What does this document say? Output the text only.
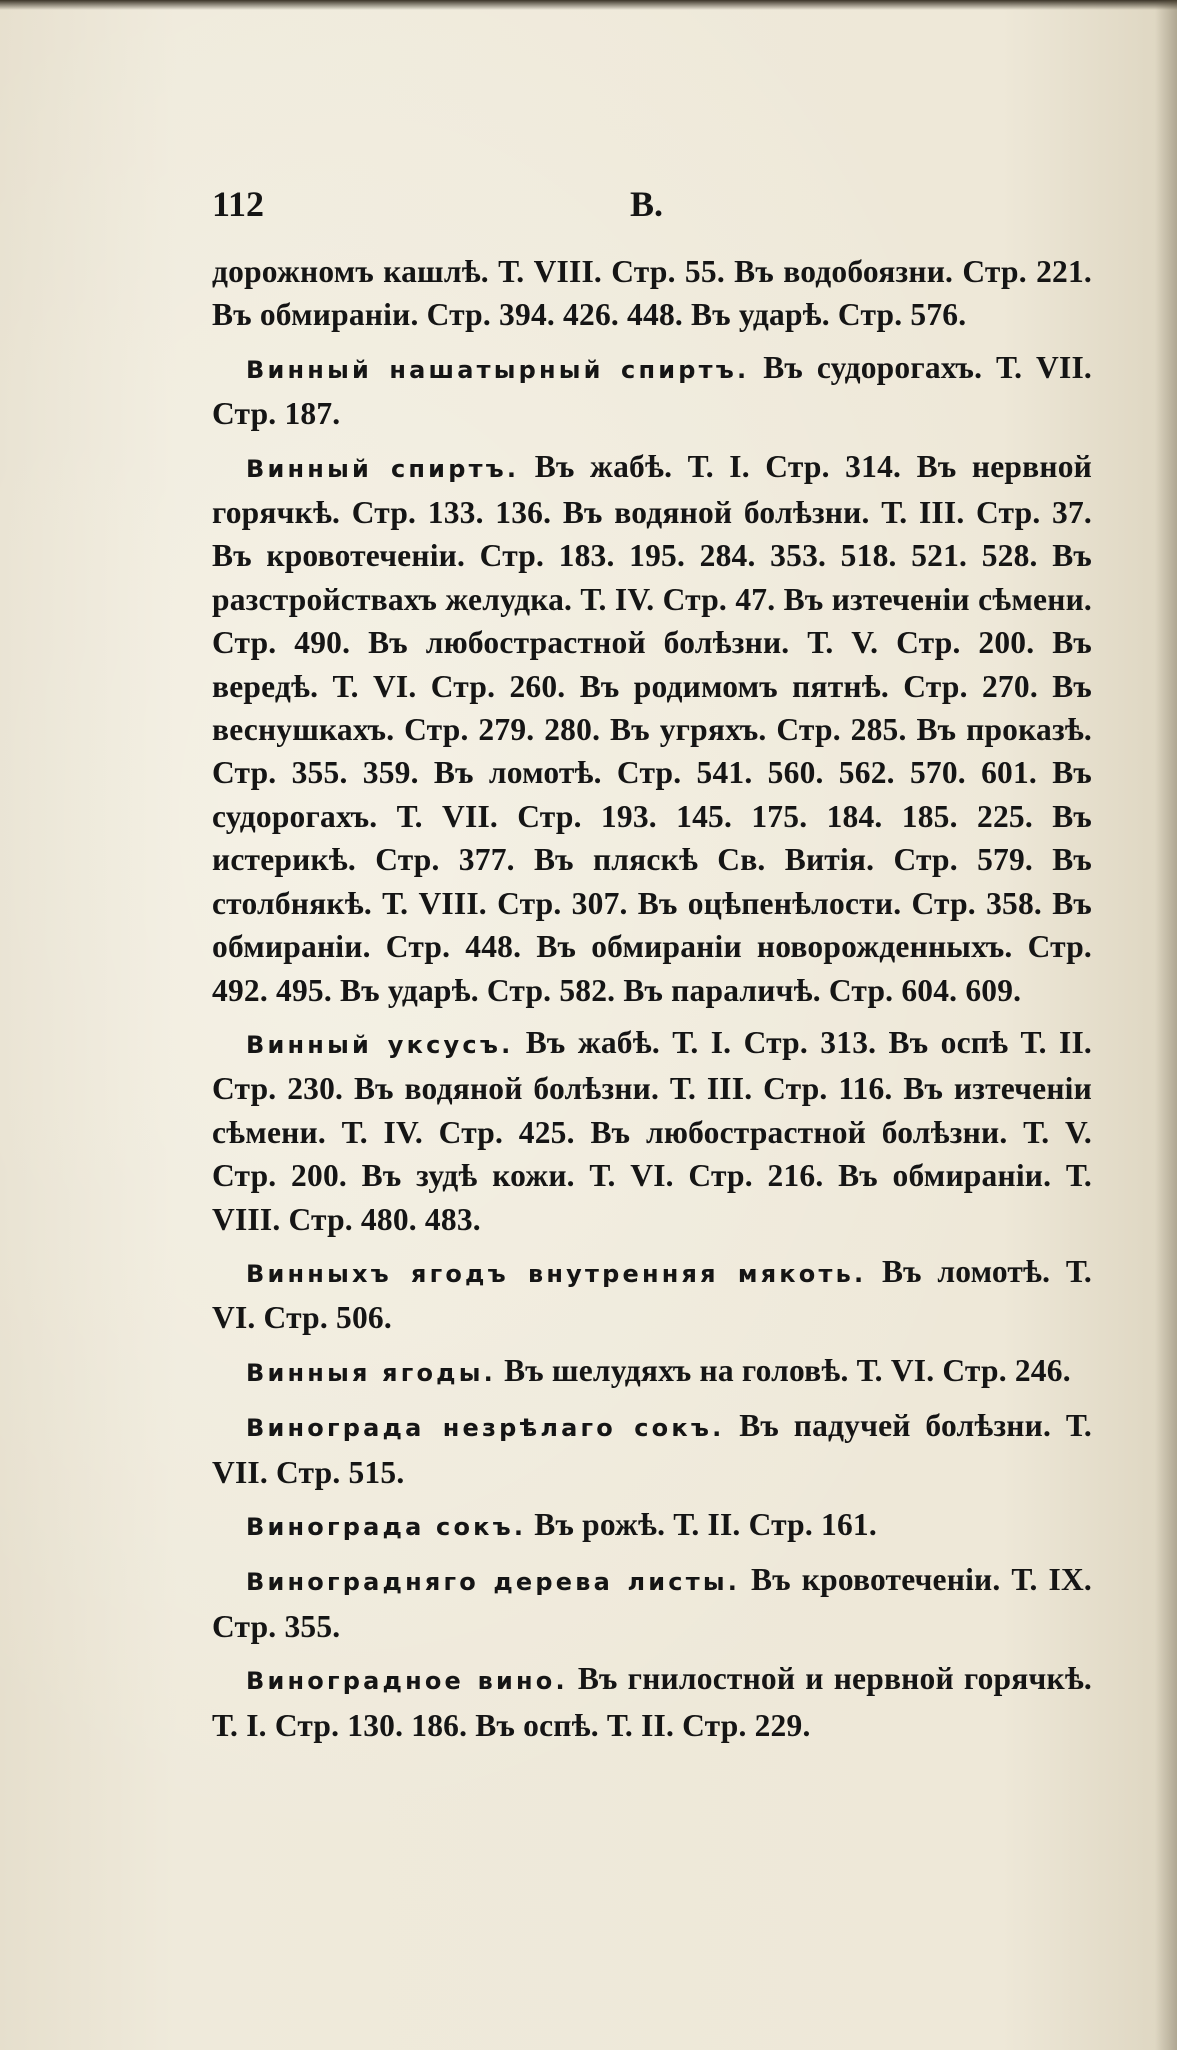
112	В.

дорожномъ кашлѣ. Т. VIII. Стр. 55. Въ водобоязни. Стр. 221. Въ обмираніи. Стр. 394. 426. 448. Въ ударѣ. Стр. 576.

Винный нашатырный спиртъ. Въ судорогахъ. Т. VII. Стр. 187.

Винный спиртъ. Въ жабѣ. Т. I. Стр. 314. Въ нервной горячкѣ. Стр. 133. 136. Въ водяной болѣзни. Т. III. Стр. 37. Въ кровотеченіи. Стр. 183. 195. 284. 353. 518. 521. 528. Въ разстройствахъ желудка. Т. IV. Стр. 47. Въ изтеченіи сѣмени. Стр. 490. Въ любострастной болѣзни. Т. V. Стр. 200. Въ вередѣ. Т. VI. Стр. 260. Въ родимомъ пятнѣ. Стр. 270. Въ веснушкахъ. Стр. 279. 280. Въ угряхъ. Стр. 285. Въ проказѣ. Стр. 355. 359. Въ ломотѣ. Стр. 541. 560. 562. 570. 601. Въ судорогахъ. Т. VII. Стр. 193. 145. 175. 184. 185. 225. Въ истерикѣ. Стр. 377. Въ пляскѣ Св. Витія. Стр. 579. Въ столбнякѣ. Т. VIII. Стр. 307. Въ оцѣпенѣлости. Стр. 358. Въ обмираніи. Стр. 448. Въ обмираніи новорожденныхъ. Стр. 492. 495. Въ ударѣ. Стр. 582. Въ параличѣ. Стр. 604. 609.

Винный уксусъ. Въ жабѣ. Т. I. Стр. 313. Въ оспѣ Т. II. Стр. 230. Въ водяной болѣзни. Т. III. Стр. 116. Въ изтеченіи сѣмени. Т. IV. Стр. 425. Въ любострастной болѣзни. Т. V. Стр. 200. Въ зудѣ кожи. Т. VI. Стр. 216. Въ обмираніи. Т. VIII. Стр. 480. 483.

Винныхъ ягодъ внутренняя мякоть. Въ ломотѣ. Т. VI. Стр. 506.

Винныя ягоды. Въ шелудяхъ на головѣ. Т. VI. Стр. 246.

Винограда незрѣлаго сокъ. Въ падучей болѣзни. Т. VII. Стр. 515.

Винограда сокъ. Въ рожѣ. Т. II. Стр. 161.

Виноградняго дерева листы. Въ кровотеченіи. Т. IX. Стр. 355.

Виноградное вино. Въ гнилостной и нервной горячкѣ. Т. I. Стр. 130. 186. Въ оспѣ. Т. II. Стр. 229.
